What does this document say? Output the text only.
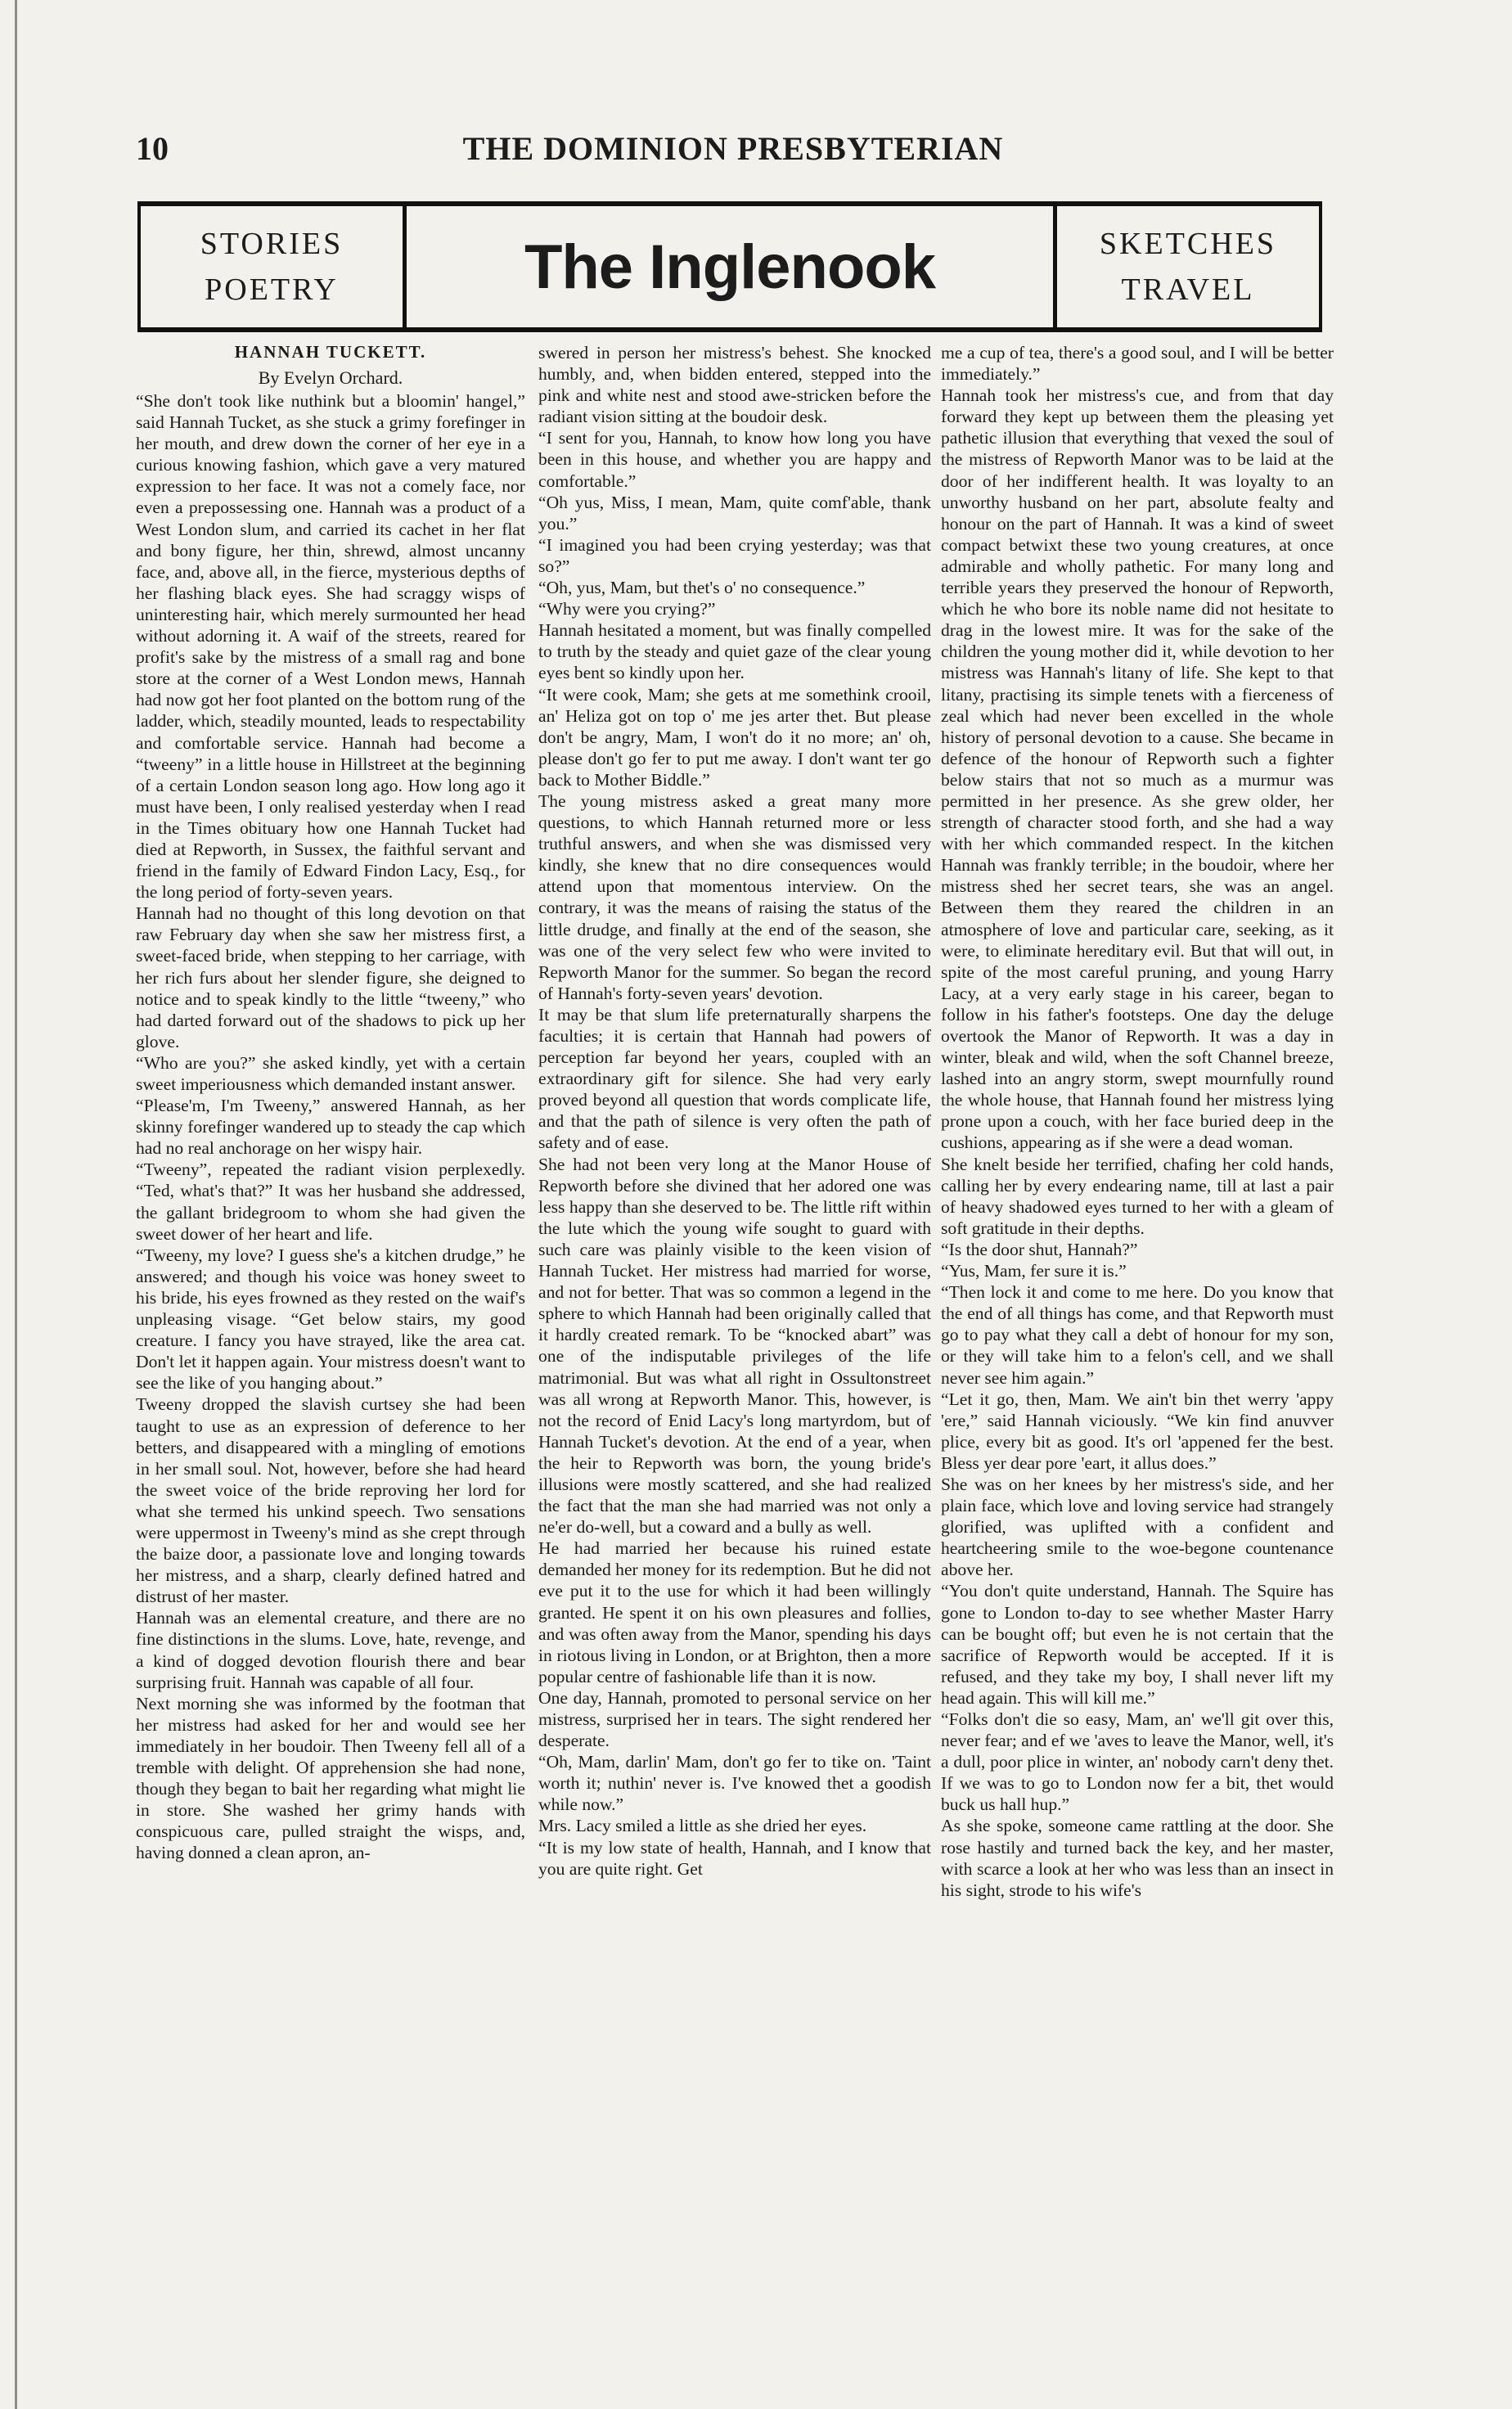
10	THE DOMINION PRESBYTERIAN
STORIES
POETRY	The Inglenook	SKETCHES
TRAVEL
HANNAH TUCKETT.
By Evelyn Orchard.
“She don't took like nuthink but a bloomin' hangel,” said Hannah Tucket, as she stuck a grimy forefinger in her mouth, and drew down the corner of her eye in a curious knowing fashion, which gave a very matured expression to her face. It was not a comely face, nor even a prepossessing one. Hannah was a product of a West London slum, and carried its cachet in her flat and bony figure, her thin, shrewd, almost uncanny face, and, above all, in the fierce, mysterious depths of her flashing black eyes. She had scraggy wisps of uninteresting hair, which merely surmounted her head without adorning it. A waif of the streets, reared for profit's sake by the mistress of a small rag and bone store at the corner of a West London mews, Hannah had now got her foot planted on the bottom rung of the ladder, which, steadily mounted, leads to respectability and comfortable service. Hannah had become a “tweeny” in a little house in Hillstreet at the beginning of a certain London season long ago. How long ago it must have been, I only realised yesterday when I read in the Times obituary how one Hannah Tucket had died at Repworth, in Sussex, the faithful servant and friend in the family of Edward Findon Lacy, Esq., for the long period of forty-seven years.
Hannah had no thought of this long devotion on that raw February day when she saw her mistress first, a sweet-faced bride, when stepping to her carriage, with her rich furs about her slender figure, she deigned to notice and to speak kindly to the little “tweeny,” who had darted forward out of the shadows to pick up her glove.
“Who are you?” she asked kindly, yet with a certain sweet imperiousness which demanded instant answer.
“Please'm, I'm Tweeny,” answered Hannah, as her skinny forefinger wandered up to steady the cap which had no real anchorage on her wispy hair.
“Tweeny”, repeated the radiant vision perplexedly. “Ted, what's that?” It was her husband she addressed, the gallant bridegroom to whom she had given the sweet dower of her heart and life.
“Tweeny, my love? I guess she's a kitchen drudge,” he answered; and though his voice was honey sweet to his bride, his eyes frowned as they rested on the waif's unpleasing visage. “Get below stairs, my good creature. I fancy you have strayed, like the area cat. Don't let it happen again. Your mistress doesn't want to see the like of you hanging about.”
Tweeny dropped the slavish curtsey she had been taught to use as an expression of deference to her betters, and disappeared with a mingling of emotions in her small soul. Not, however, before she had heard the sweet voice of the bride reproving her lord for what she termed his unkind speech. Two sensations were uppermost in Tweeny's mind as she crept through the baize door, a passionate love and longing towards her mistress, and a sharp, clearly defined hatred and distrust of her master.
Hannah was an elemental creature, and there are no fine distinctions in the slums. Love, hate, revenge, and a kind of dogged devotion flourish there and bear surprising fruit. Hannah was capable of all four.
Next morning she was informed by the footman that her mistress had asked for her and would see her immediately in her boudoir. Then Tweeny fell all of a tremble with delight. Of apprehension she had none, though they began to bait her regarding what might lie in store. She washed her grimy hands with conspicuous care, pulled straight the wisps, and, having donned a clean apron, an-
swered in person her mistress's behest. She knocked humbly, and, when bidden entered, stepped into the pink and white nest and stood awe-stricken before the radiant vision sitting at the boudoir desk.
“I sent for you, Hannah, to know how long you have been in this house, and whether you are happy and comfortable.”
“Oh yus, Miss, I mean, Mam, quite comf'able, thank you.”
“I imagined you had been crying yesterday; was that so?”
“Oh, yus, Mam, but thet's o' no consequence.”
“Why were you crying?”
Hannah hesitated a moment, but was finally compelled to truth by the steady and quiet gaze of the clear young eyes bent so kindly upon her.
“It were cook, Mam; she gets at me somethink crooil, an' Heliza got on top o' me jes arter thet. But please don't be angry, Mam, I won't do it no more; an' oh, please don't go fer to put me away. I don't want ter go back to Mother Biddle.”
The young mistress asked a great many more questions, to which Hannah returned more or less truthful answers, and when she was dismissed very kindly, she knew that no dire consequences would attend upon that momentous interview. On the contrary, it was the means of raising the status of the little drudge, and finally at the end of the season, she was one of the very select few who were invited to Repworth Manor for the summer. So began the record of Hannah's forty-seven years' devotion.
It may be that slum life preternaturally sharpens the faculties; it is certain that Hannah had powers of perception far beyond her years, coupled with an extraordinary gift for silence. She had very early proved beyond all question that words complicate life, and that the path of silence is very often the path of safety and of ease.
She had not been very long at the Manor House of Repworth before she divined that her adored one was less happy than she deserved to be. The little rift within the lute which the young wife sought to guard with such care was plainly visible to the keen vision of Hannah Tucket. Her mistress had married for worse, and not for better. That was so common a legend in the sphere to which Hannah had been originally called that it hardly created remark. To be “knocked abart” was one of the indisputable privileges of the life matrimonial. But was what all right in Ossultonstreet was all wrong at Repworth Manor. This, however, is not the record of Enid Lacy's long martyrdom, but of Hannah Tucket's devotion. At the end of a year, when the heir to Repworth was born, the young bride's illusions were mostly scattered, and she had realized the fact that the man she had married was not only a ne'er do-well, but a coward and a bully as well.
He had married her because his ruined estate demanded her money for its redemption. But he did not eve put it to the use for which it had been willingly granted. He spent it on his own pleasures and follies, and was often away from the Manor, spending his days in riotous living in London, or at Brighton, then a more popular centre of fashionable life than it is now.
One day, Hannah, promoted to personal service on her mistress, surprised her in tears. The sight rendered her desperate.
“Oh, Mam, darlin' Mam, don't go fer to tike on. 'Taint worth it; nuthin' never is. I've knowed thet a goodish while now.”
Mrs. Lacy smiled a little as she dried her eyes.
“It is my low state of health, Hannah, and I know that you are quite right. Get
me a cup of tea, there's a good soul, and I will be better immediately.”
Hannah took her mistress's cue, and from that day forward they kept up between them the pleasing yet pathetic illusion that everything that vexed the soul of the mistress of Repworth Manor was to be laid at the door of her indifferent health. It was loyalty to an unworthy husband on her part, absolute fealty and honour on the part of Hannah. It was a kind of sweet compact betwixt these two young creatures, at once admirable and wholly pathetic. For many long and terrible years they preserved the honour of Repworth, which he who bore its noble name did not hesitate to drag in the lowest mire. It was for the sake of the children the young mother did it, while devotion to her mistress was Hannah's litany of life. She kept to that litany, practising its simple tenets with a fierceness of zeal which had never been excelled in the whole history of personal devotion to a cause. She became in defence of the honour of Repworth such a fighter below stairs that not so much as a murmur was permitted in her presence. As she grew older, her strength of character stood forth, and she had a way with her which commanded respect. In the kitchen Hannah was frankly terrible; in the boudoir, where her mistress shed her secret tears, she was an angel. Between them they reared the children in an atmosphere of love and particular care, seeking, as it were, to eliminate hereditary evil. But that will out, in spite of the most careful pruning, and young Harry Lacy, at a very early stage in his career, began to follow in his father's footsteps. One day the deluge overtook the Manor of Repworth. It was a day in winter, bleak and wild, when the soft Channel breeze, lashed into an angry storm, swept mournfully round the whole house, that Hannah found her mistress lying prone upon a couch, with her face buried deep in the cushions, appearing as if she were a dead woman.
She knelt beside her terrified, chafing her cold hands, calling her by every endearing name, till at last a pair of heavy shadowed eyes turned to her with a gleam of soft gratitude in their depths.
“Is the door shut, Hannah?”
“Yus, Mam, fer sure it is.”
“Then lock it and come to me here. Do you know that the end of all things has come, and that Repworth must go to pay what they call a debt of honour for my son, or they will take him to a felon's cell, and we shall never see him again.”
“Let it go, then, Mam. We ain't bin thet werry 'appy 'ere,” said Hannah viciously. “We kin find anuvver plice, every bit as good. It's orl 'appened fer the best. Bless yer dear pore 'eart, it allus does.”
She was on her knees by her mistress's side, and her plain face, which love and loving service had strangely glorified, was uplifted with a confident and heartcheering smile to the woe-begone countenance above her.
“You don't quite understand, Hannah. The Squire has gone to London to-day to see whether Master Harry can be bought off; but even he is not certain that the sacrifice of Repworth would be accepted. If it is refused, and they take my boy, I shall never lift my head again. This will kill me.”
“Folks don't die so easy, Mam, an' we'll git over this, never fear; and ef we 'aves to leave the Manor, well, it's a dull, poor plice in winter, an' nobody carn't deny thet. If we was to go to London now fer a bit, thet would buck us hall hup.”
As she spoke, someone came rattling at the door. She rose hastily and turned back the key, and her master, with scarce a look at her who was less than an insect in his sight, strode to his wife's
